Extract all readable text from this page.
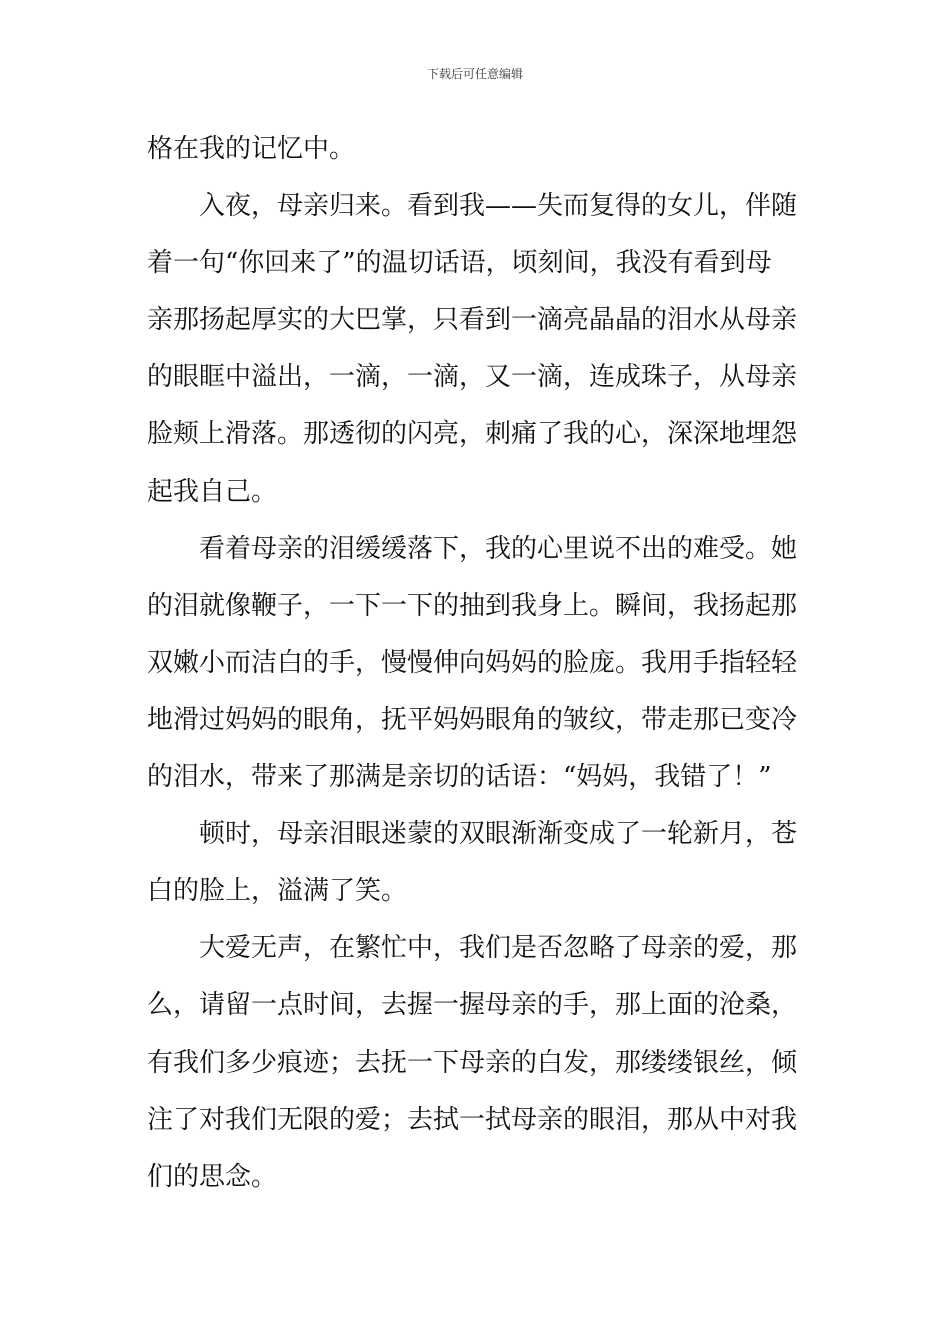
下载后可任意编辑
格在我的记忆中。
入夜，母亲归来。看到我——失而复得的女儿，伴随
着一句“你回来了”的温切话语，顷刻间，我没有看到母
亲那扬起厚实的大巴掌，只看到一滴亮晶晶的泪水从母亲
的眼眶中溢出，一滴，一滴，又一滴，连成珠子，从母亲
脸颊上滑落。那透彻的闪亮，刺痛了我的心，深深地埋怨
起我自己。
看着母亲的泪缓缓落下，我的心里说不出的难受。她
的泪就像鞭子，一下一下的抽到我身上。瞬间，我扬起那
双嫩小而洁白的手，慢慢伸向妈妈的脸庞。我用手指轻轻
地滑过妈妈的眼角，抚平妈妈眼角的皱纹，带走那已变冷
的泪水，带来了那满是亲切的话语：“妈妈，我错了！”
顿时，母亲泪眼迷蒙的双眼渐渐变成了一轮新月，苍
白的脸上，溢满了笑。
大爱无声，在繁忙中，我们是否忽略了母亲的爱，那
么，请留一点时间，去握一握母亲的手，那上面的沧桑，
有我们多少痕迹；去抚一下母亲的白发，那缕缕银丝，倾
注了对我们无限的爱；去拭一拭母亲的眼泪，那从中对我
们的思念。
